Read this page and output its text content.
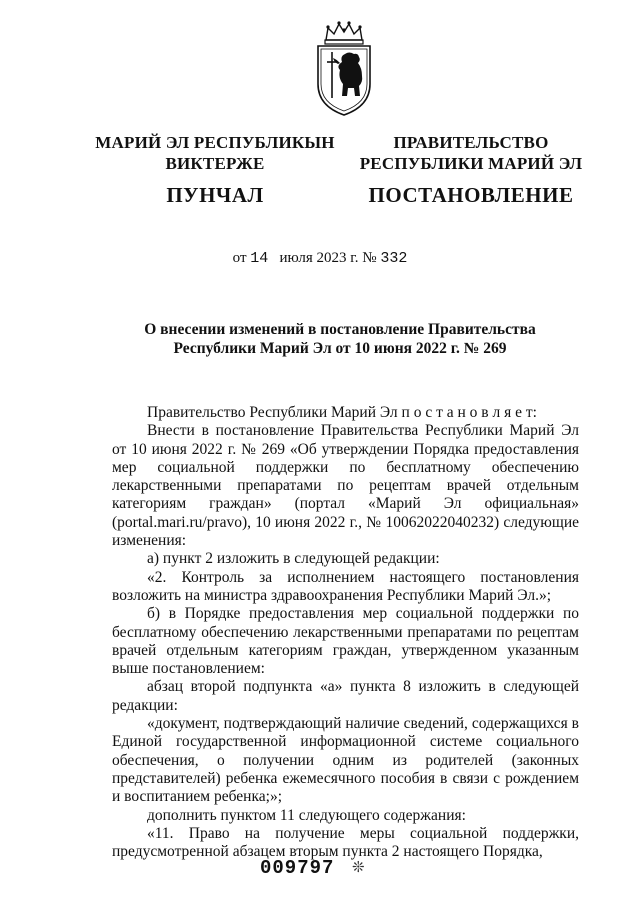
МАРИЙ ЭЛ РЕСПУБЛИКЫН
ВИКТЕРЖЕ
ПУНЧАЛ
ПРАВИТЕЛЬСТВО
РЕСПУБЛИКИ МАРИЙ ЭЛ
ПОСТАНОВЛЕНИЕ
от 14 июля 2023 г. № 332
О внесении изменений в постановление Правительства
Республики Марий Эл от 10 июня 2022 г. № 269

Правительство Республики Марий Эл п о с т а н о в л я е т:

Внести в постановление Правительства Республики Марий Эл от 10 июня 2022 г. № 269 «Об утверждении Порядка предоставления мер социальной поддержки по бесплатному обеспечению лекарственными препаратами по рецептам врачей отдельным категориям граждан» (портал «Марий Эл официальная» (portal.mari.ru/pravo), 10 июня 2022 г., № 10062022040232) следующие изменения:

а) пункт 2 изложить в следующей редакции:

«2. Контроль за исполнением настоящего постановления возложить на министра здравоохранения Республики Марий Эл.»;

б) в Порядке предоставления мер социальной поддержки по бесплатному обеспечению лекарственными препаратами по рецептам врачей отдельным категориям граждан, утвержденном указанным выше постановлением:

абзац второй подпункта «а» пункта 8 изложить в следующей редакции:

«документ, подтверждающий наличие сведений, содержащихся в Единой государственной информационной системе социального обеспечения, о получении одним из родителей (законных представителей) ребенка ежемесячного пособия в связи с рождением и воспитанием ребенка;»;

дополнить пунктом 11 следующего содержания:

«11. Право на получение меры социальной поддержки, предусмотренной абзацем вторым пункта 2 настоящего Порядка,

009797 ❊
